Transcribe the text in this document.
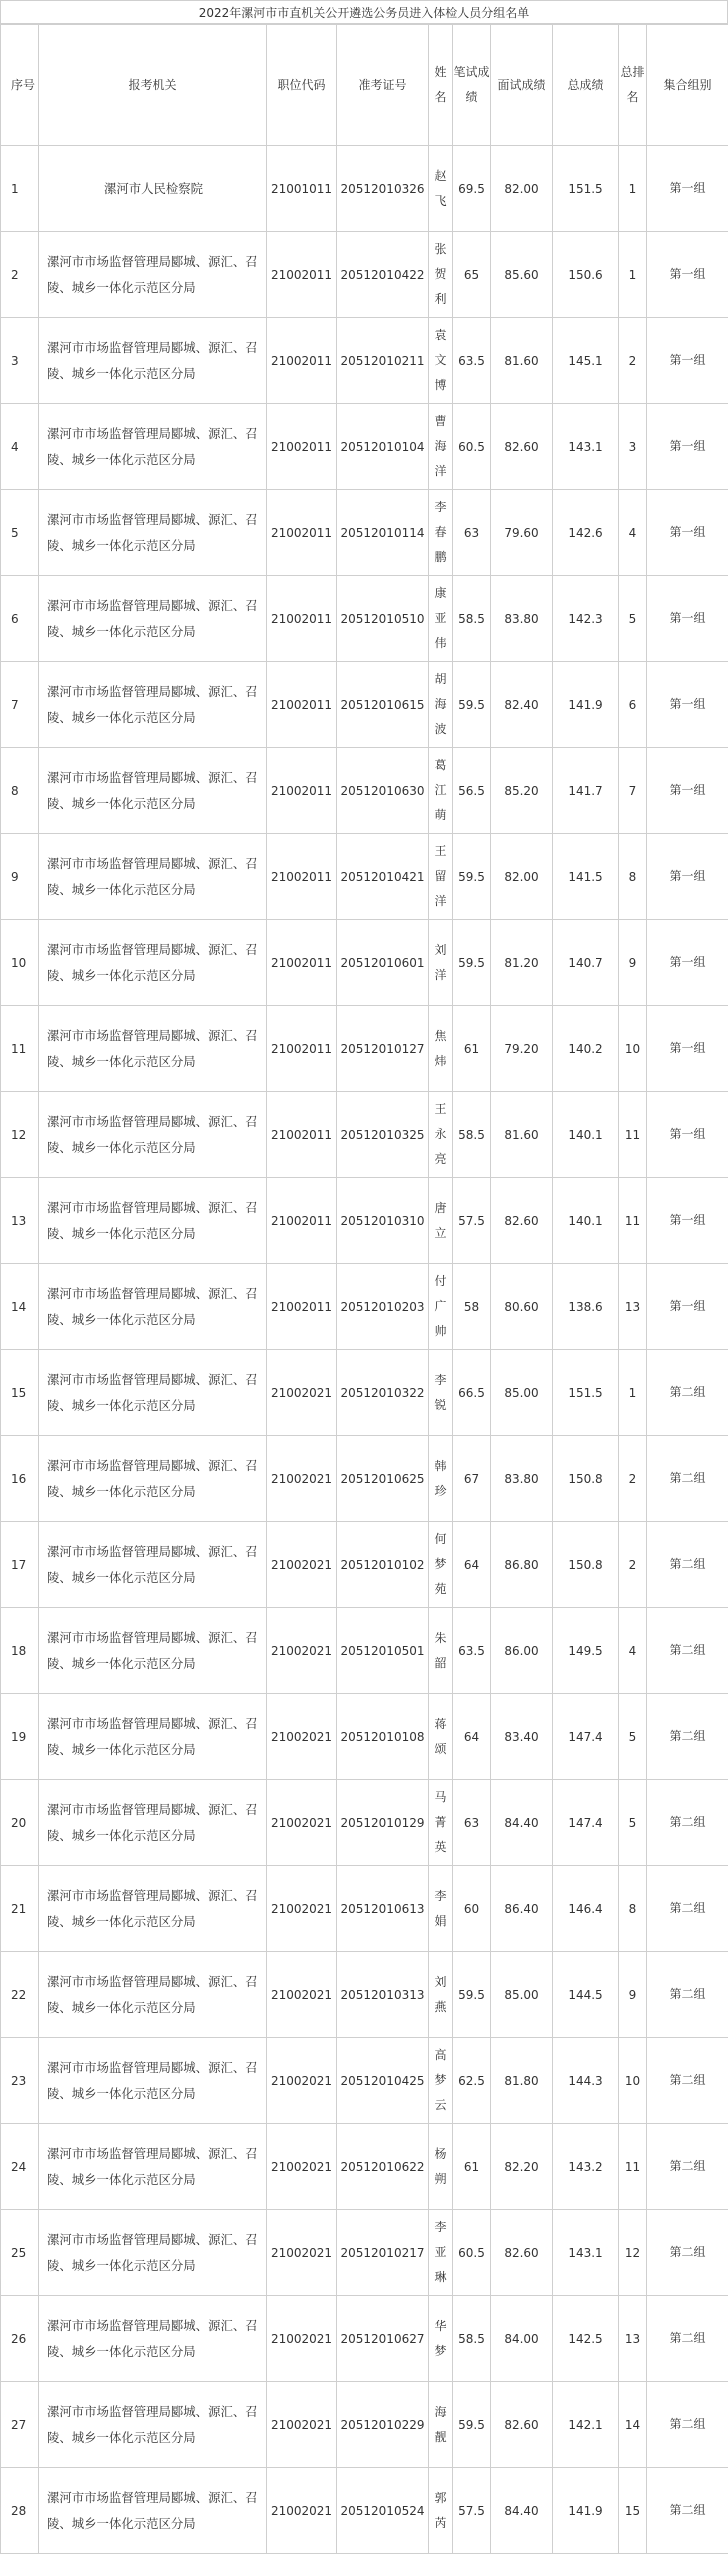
2022年漯河市市直机关公开遴选公务员进入体检人员分组名单
序号	报考机关	职位代码	准考证号	姓名	笔试成绩	面试成绩	总成绩	总排名	集合组别
1	漯河市人民检察院	21001011	20512010326	赵飞	69.5	82.00	151.5	1	第一组
2	漯河市市场监督管理局郾城、源汇、召陵、城乡一体化示范区分局	21002011	20512010422	张贺利	65	85.60	150.6	1	第一组
3	漯河市市场监督管理局郾城、源汇、召陵、城乡一体化示范区分局	21002011	20512010211	袁文博	63.5	81.60	145.1	2	第一组
4	漯河市市场监督管理局郾城、源汇、召陵、城乡一体化示范区分局	21002011	20512010104	曹海洋	60.5	82.60	143.1	3	第一组
5	漯河市市场监督管理局郾城、源汇、召陵、城乡一体化示范区分局	21002011	20512010114	李春鹏	63	79.60	142.6	4	第一组
6	漯河市市场监督管理局郾城、源汇、召陵、城乡一体化示范区分局	21002011	20512010510	康亚伟	58.5	83.80	142.3	5	第一组
7	漯河市市场监督管理局郾城、源汇、召陵、城乡一体化示范区分局	21002011	20512010615	胡海波	59.5	82.40	141.9	6	第一组
8	漯河市市场监督管理局郾城、源汇、召陵、城乡一体化示范区分局	21002011	20512010630	葛江萌	56.5	85.20	141.7	7	第一组
9	漯河市市场监督管理局郾城、源汇、召陵、城乡一体化示范区分局	21002011	20512010421	王留洋	59.5	82.00	141.5	8	第一组
10	漯河市市场监督管理局郾城、源汇、召陵、城乡一体化示范区分局	21002011	20512010601	刘洋	59.5	81.20	140.7	9	第一组
11	漯河市市场监督管理局郾城、源汇、召陵、城乡一体化示范区分局	21002011	20512010127	焦炜	61	79.20	140.2	10	第一组
12	漯河市市场监督管理局郾城、源汇、召陵、城乡一体化示范区分局	21002011	20512010325	王永亮	58.5	81.60	140.1	11	第一组
13	漯河市市场监督管理局郾城、源汇、召陵、城乡一体化示范区分局	21002011	20512010310	唐立	57.5	82.60	140.1	11	第一组
14	漯河市市场监督管理局郾城、源汇、召陵、城乡一体化示范区分局	21002011	20512010203	付广帅	58	80.60	138.6	13	第一组
15	漯河市市场监督管理局郾城、源汇、召陵、城乡一体化示范区分局	21002021	20512010322	李锐	66.5	85.00	151.5	1	第二组
16	漯河市市场监督管理局郾城、源汇、召陵、城乡一体化示范区分局	21002021	20512010625	韩珍	67	83.80	150.8	2	第二组
17	漯河市市场监督管理局郾城、源汇、召陵、城乡一体化示范区分局	21002021	20512010102	何梦苑	64	86.80	150.8	2	第二组
18	漯河市市场监督管理局郾城、源汇、召陵、城乡一体化示范区分局	21002021	20512010501	朱韶	63.5	86.00	149.5	4	第二组
19	漯河市市场监督管理局郾城、源汇、召陵、城乡一体化示范区分局	21002021	20512010108	蒋颂	64	83.40	147.4	5	第二组
20	漯河市市场监督管理局郾城、源汇、召陵、城乡一体化示范区分局	21002021	20512010129	马菁英	63	84.40	147.4	5	第二组
21	漯河市市场监督管理局郾城、源汇、召陵、城乡一体化示范区分局	21002021	20512010613	李娟	60	86.40	146.4	8	第二组
22	漯河市市场监督管理局郾城、源汇、召陵、城乡一体化示范区分局	21002021	20512010313	刘燕	59.5	85.00	144.5	9	第二组
23	漯河市市场监督管理局郾城、源汇、召陵、城乡一体化示范区分局	21002021	20512010425	高梦云	62.5	81.80	144.3	10	第二组
24	漯河市市场监督管理局郾城、源汇、召陵、城乡一体化示范区分局	21002021	20512010622	杨朔	61	82.20	143.2	11	第二组
25	漯河市市场监督管理局郾城、源汇、召陵、城乡一体化示范区分局	21002021	20512010217	李亚琳	60.5	82.60	143.1	12	第二组
26	漯河市市场监督管理局郾城、源汇、召陵、城乡一体化示范区分局	21002021	20512010627	华梦	58.5	84.00	142.5	13	第二组
27	漯河市市场监督管理局郾城、源汇、召陵、城乡一体化示范区分局	21002021	20512010229	海靓	59.5	82.60	142.1	14	第二组
28	漯河市市场监督管理局郾城、源汇、召陵、城乡一体化示范区分局	21002021	20512010524	郭芮	57.5	84.40	141.9	15	第二组
